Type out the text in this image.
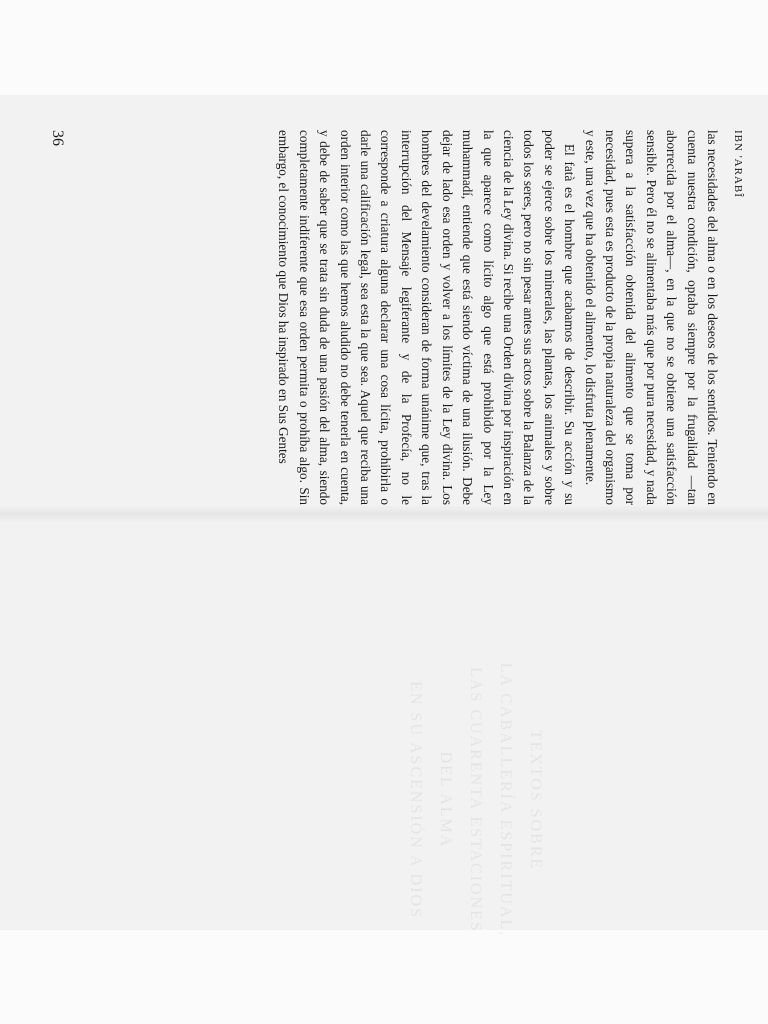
IBN 'ARABÎ

las necesidades del alma o en los deseos de los sentidos. Teniendo en cuenta nuestra condición, optaba siempre por la frugalidad —tan aborrecida por el alma—, en la que no se obtiene una satisfacción sensible. Pero él no se alimentaba más que por pura necesidad, y nada supera a la satisfacción obtenida del alimento que se toma por necesidad, pues esta es producto de la propia naturaleza del organismo y este, una vez que ha obtenido el alimento, lo disfruta plenamente.

El fatà es el hombre que acabamos de describir. Su acción y su poder se ejerce sobre los minerales, las plantas, los animales y sobre todos los seres, pero no sin pesar antes sus actos sobre la Balanza de la ciencia de la Ley divina. Si recibe una Orden divina por inspiración en la que aparece como lícito algo que está prohibido por la Ley muhammadí, entiende que está siendo víctima de una ilusión. Debe dejar de lado esa orden y volver a los límites de la Ley divina. Los hombres del develamiento consideran de forma unánime que, tras la interrupción del Mensaje legiferante y de la Profecía, no le corresponde a criatura alguna declarar una cosa lícita, prohibirla o darle una calificación legal, sea esta la que sea. Aquel que reciba una orden interior como las que hemos aludido no debe tenerla en cuenta, y debe de saber que se trata sin duda de una pasión del alma, siendo completamente indiferente que esa orden permita o prohíba algo. Sin embargo, el conocimiento que Dios ha inspirado en Sus Gentes

36
TEXTOS SOBRE
LA CABALLERÍA ESPIRITUAL,
LAS CUARENTA ESTACIONES
DEL ALMA
EN SU ASCENSIÓN A DIOS
